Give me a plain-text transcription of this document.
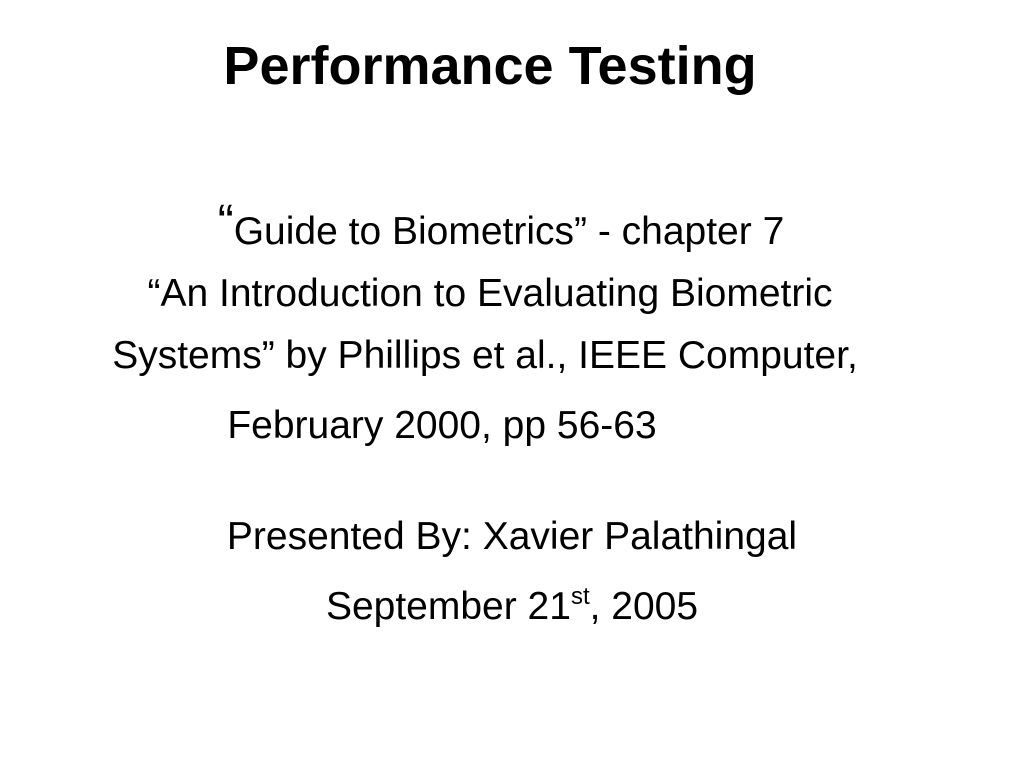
Performance Testing
“Guide to Biometrics” - chapter 7
“An Introduction to Evaluating Biometric
Systems” by Phillips et al., IEEE Computer,
February 2000, pp 56-63
Presented By: Xavier Palathingal
September 21st, 2005
